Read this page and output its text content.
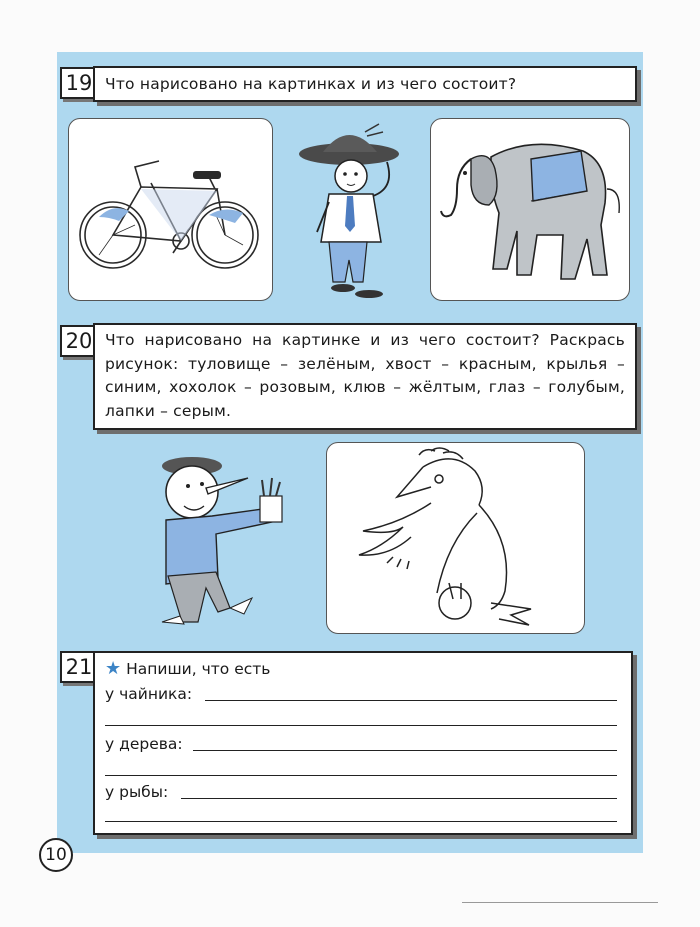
19 Что нарисовано на картинках и из чего состоит?
20 Что нарисовано на картинке и из чего состоит? Раскрась рисунок: туловище – зелёным, хвост – красным, крылья – синим, хохолок – розовым, клюв – жёлтым, глаз – голубым, лапки – серым.
21 ★ Напиши, что есть
у чайника:
у дерева:
у рыбы:
10
